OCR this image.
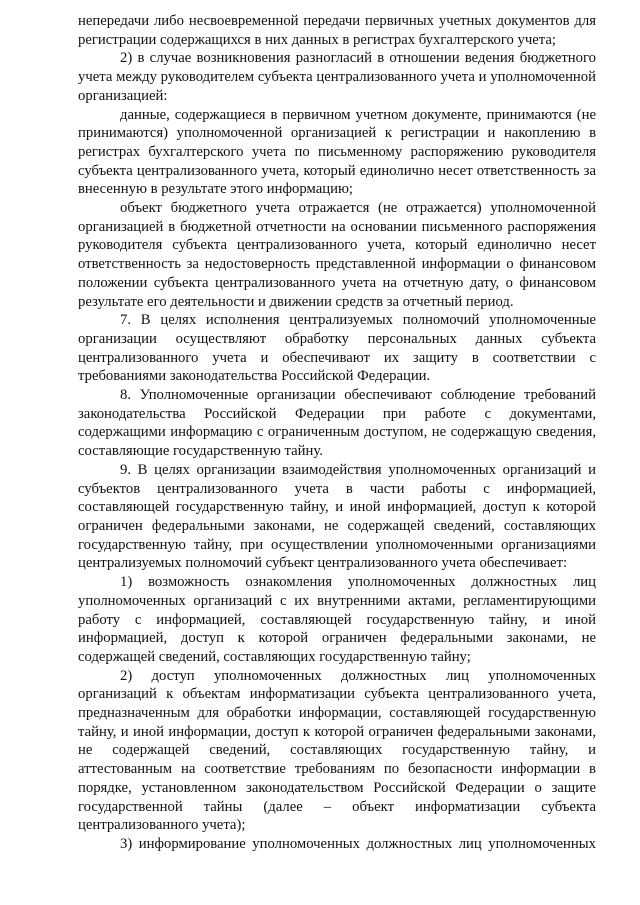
непередачи либо несвоевременной передачи первичных учетных документов для регистрации содержащихся в них данных в регистрах бухгалтерского учета;

2) в случае возникновения разногласий в отношении ведения бюджетного учета между руководителем субъекта централизованного учета и уполномоченной организацией:

данные, содержащиеся в первичном учетном документе, принимаются (не принимаются) уполномоченной организацией к регистрации и накоплению в регистрах бухгалтерского учета по письменному распоряжению руководителя субъекта централизованного учета, который единолично несет ответственность за внесенную в результате этого информацию;

объект бюджетного учета отражается (не отражается) уполномоченной организацией в бюджетной отчетности на основании письменного распоряжения руководителя субъекта централизованного учета, который единолично несет ответственность за недостоверность представленной информации о финансовом положении субъекта централизованного учета на отчетную дату, о финансовом результате его деятельности и движении средств за отчетный период.

7. В целях исполнения централизуемых полномочий уполномоченные организации осуществляют обработку персональных данных субъекта централизованного учета и обеспечивают их защиту в соответствии с требованиями законодательства Российской Федерации.

8. Уполномоченные организации обеспечивают соблюдение требований законодательства Российской Федерации при работе с документами, содержащими информацию с ограниченным доступом, не содержащую сведения, составляющие государственную тайну.

9. В целях организации взаимодействия уполномоченных организаций и субъектов централизованного учета в части работы с информацией, составляющей государственную тайну, и иной информацией, доступ к которой ограничен федеральными законами, не содержащей сведений, составляющих государственную тайну, при осуществлении уполномоченными организациями централизуемых полномочий субъект централизованного учета обеспечивает:

1) возможность ознакомления уполномоченных должностных лиц уполномоченных организаций с их внутренними актами, регламентирующими работу с информацией, составляющей государственную тайну, и иной информацией, доступ к которой ограничен федеральными законами, не содержащей сведений, составляющих государственную тайну;

2) доступ уполномоченных должностных лиц уполномоченных организаций к объектам информатизации субъекта централизованного учета, предназначенным для обработки информации, составляющей государственную тайну, и иной информации, доступ к которой ограничен федеральными законами, не содержащей сведений, составляющих государственную тайну, и аттестованным на соответствие требованиям по безопасности информации в порядке, установленном законодательством Российской Федерации о защите государственной тайны (далее – объект информатизации субъекта централизованного учета);

3) информирование уполномоченных должностных лиц уполномоченных
